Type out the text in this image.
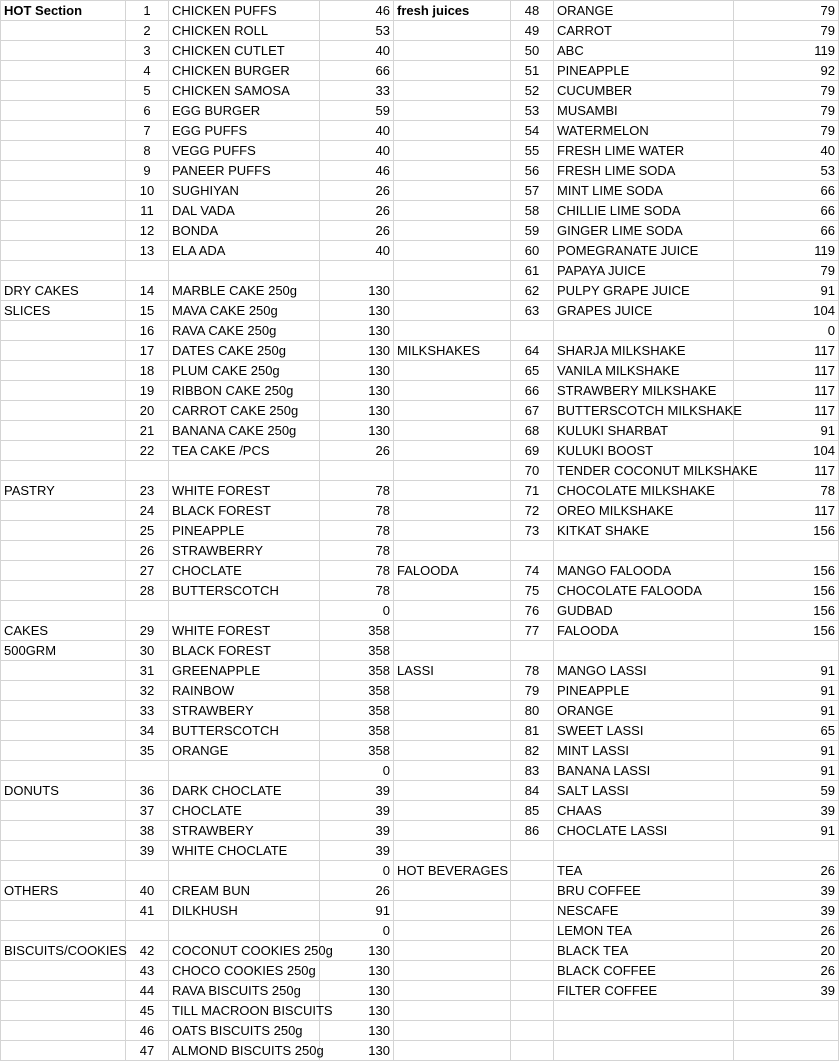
HOT Section	1	CHICKEN PUFFS	46	fresh juices	48	ORANGE	79
	2	CHICKEN ROLL	53		49	CARROT	79
	3	CHICKEN CUTLET	40		50	ABC	119
	4	CHICKEN BURGER	66		51	PINEAPPLE	92
	5	CHICKEN SAMOSA	33		52	CUCUMBER	79
	6	EGG BURGER	59		53	MUSAMBI	79
	7	EGG PUFFS	40		54	WATERMELON	79
	8	VEGG PUFFS	40		55	FRESH LIME WATER	40
	9	PANEER PUFFS	46		56	FRESH LIME SODA	53
	10	SUGHIYAN	26		57	MINT LIME SODA	66
	11	DAL VADA	26		58	CHILLIE LIME SODA	66
	12	BONDA	26		59	GINGER LIME SODA	66
	13	ELA ADA	40		60	POMEGRANATE JUICE	119
					61	PAPAYA JUICE	79
DRY CAKES	14	MARBLE CAKE 250g	130		62	PULPY GRAPE JUICE	91
SLICES	15	MAVA CAKE 250g	130		63	GRAPES JUICE	104
	16	RAVA CAKE 250g	130				0
	17	DATES CAKE 250g	130	MILKSHAKES	64	SHARJA MILKSHAKE	117
	18	PLUM CAKE 250g	130		65	VANILA MILKSHAKE	117
	19	RIBBON CAKE 250g	130		66	STRAWBERY MILKSHAKE	117
	20	CARROT CAKE 250g	130		67	BUTTERSCOTCH MILKSHAKE	117
	21	BANANA CAKE 250g	130		68	KULUKI SHARBAT	91
	22	TEA CAKE /PCS	26		69	KULUKI BOOST	104
					70	TENDER COCONUT MILKSHAKE	117
PASTRY	23	WHITE FOREST	78		71	CHOCOLATE MILKSHAKE	78
	24	BLACK FOREST	78		72	OREO MILKSHAKE	117
	25	PINEAPPLE	78		73	KITKAT SHAKE	156
	26	STRAWBERRY	78				
	27	CHOCLATE	78	FALOODA	74	MANGO FALOODA	156
	28	BUTTERSCOTCH	78		75	CHOCOLATE FALOODA	156
			0		76	GUDBAD	156
CAKES	29	WHITE FOREST	358		77	FALOODA	156
500GRM	30	BLACK FOREST	358				
	31	GREENAPPLE	358	LASSI	78	MANGO LASSI	91
	32	RAINBOW	358		79	PINEAPPLE	91
	33	STRAWBERY	358		80	ORANGE	91
	34	BUTTERSCOTCH	358		81	SWEET LASSI	65
	35	ORANGE	358		82	MINT LASSI	91
			0		83	BANANA LASSI	91
DONUTS	36	DARK CHOCLATE	39		84	SALT LASSI	59
	37	CHOCLATE	39		85	CHAAS	39
	38	STRAWBERY	39		86	CHOCLATE LASSI	91
	39	WHITE CHOCLATE	39				
			0	HOT BEVERAGES		TEA	26
OTHERS	40	CREAM BUN	26			BRU COFFEE	39
	41	DILKHUSH	91			NESCAFE	39
			0			LEMON TEA	26
BISCUITS/COOKIES	42	COCONUT COOKIES 250g	130			BLACK TEA	20
	43	CHOCO COOKIES 250g	130			BLACK COFFEE	26
	44	RAVA BISCUITS 250g	130			FILTER COFFEE	39
	45	TILL MACROON BISCUITS	130				
	46	OATS BISCUITS 250g	130				
	47	ALMOND BISCUITS 250g	130				
